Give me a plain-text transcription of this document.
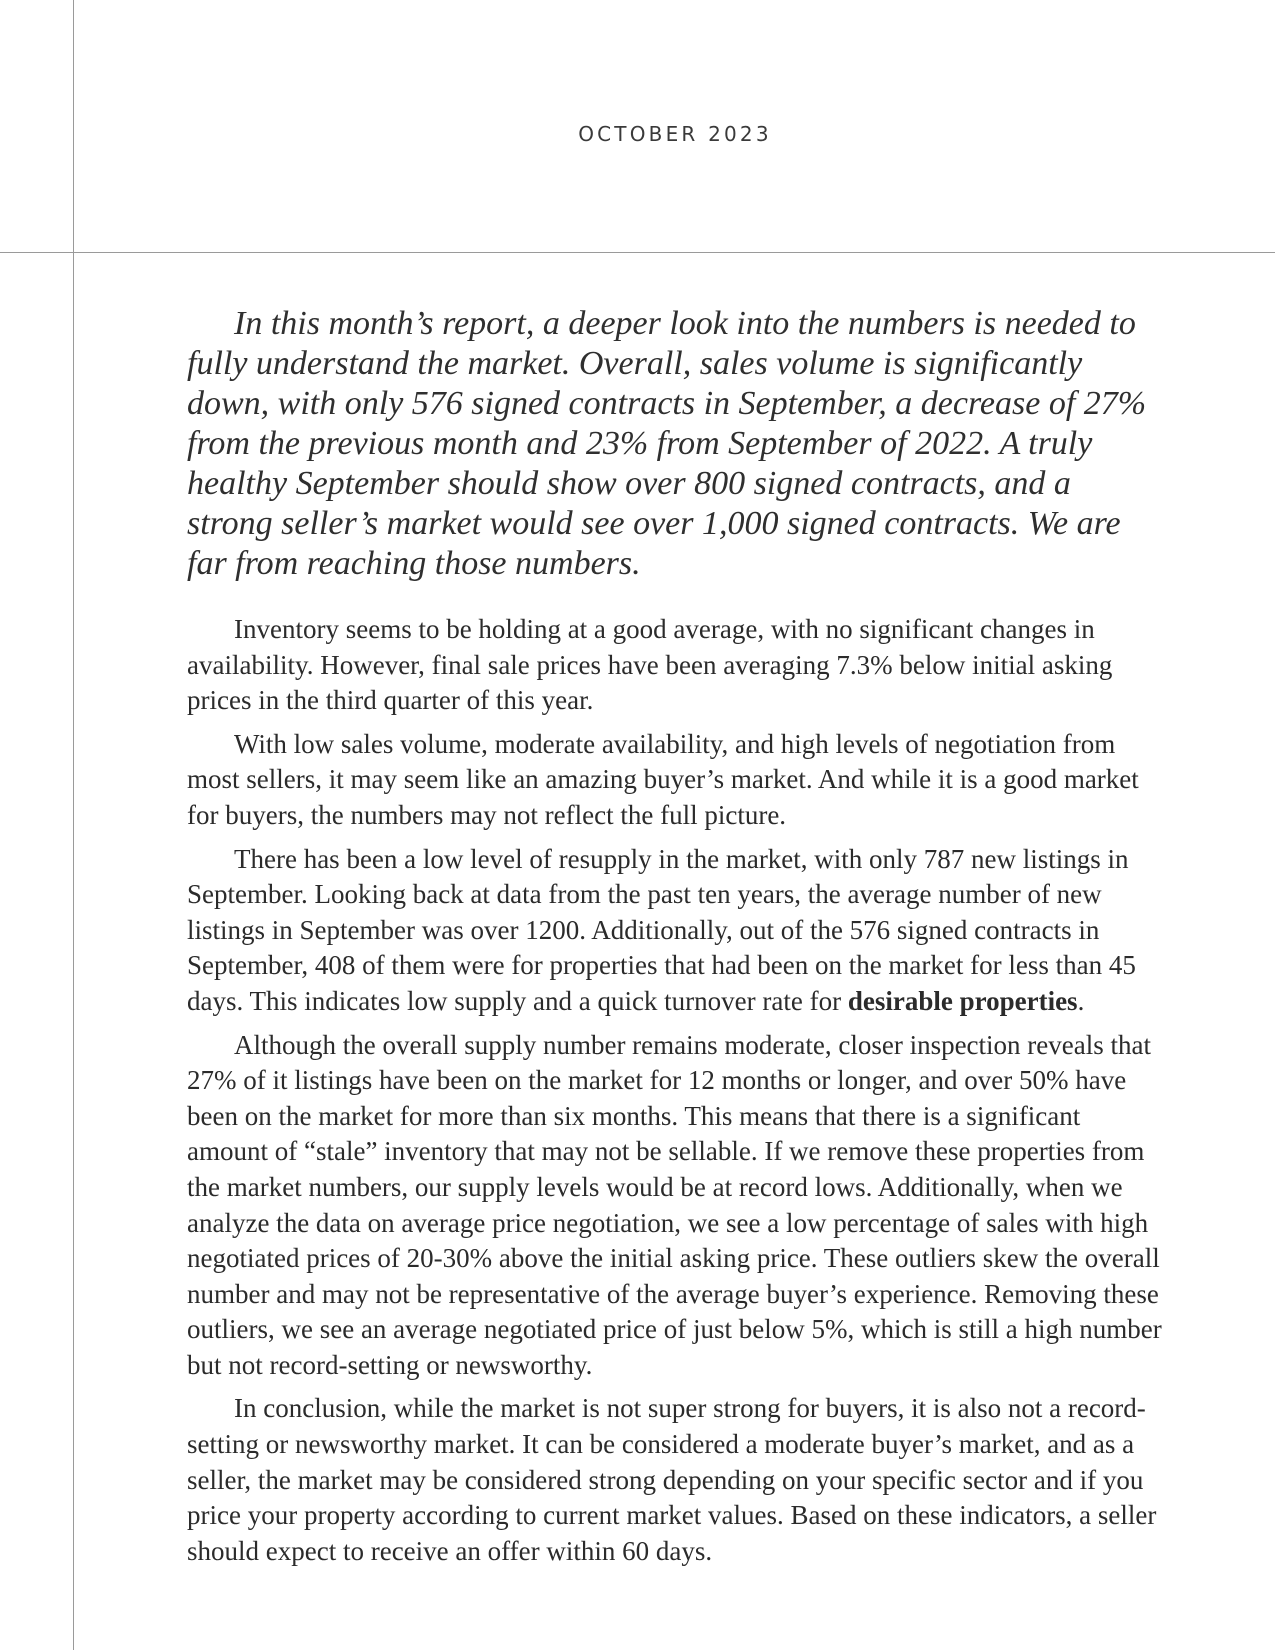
OCTOBER 2023

In this month’s report, a deeper look into the numbers is needed to fully understand the market. Overall, sales volume is significantly down, with only 576 signed contracts in September, a decrease of 27% from the previous month and 23% from September of 2022. A truly healthy September should show over 800 signed contracts, and a strong seller’s market would see over 1,000 signed contracts. We are far from reaching those numbers.

Inventory seems to be holding at a good average, with no significant changes in availability. However, final sale prices have been averaging 7.3% below initial asking prices in the third quarter of this year.

With low sales volume, moderate availability, and high levels of negotiation from most sellers, it may seem like an amazing buyer’s market. And while it is a good market for buyers, the numbers may not reflect the full picture.

There has been a low level of resupply in the market, with only 787 new listings in September. Looking back at data from the past ten years, the average number of new listings in September was over 1200. Additionally, out of the 576 signed contracts in September, 408 of them were for properties that had been on the market for less than 45 days. This indicates low supply and a quick turnover rate for desirable properties.

Although the overall supply number remains moderate, closer inspection reveals that 27% of it listings have been on the market for 12 months or longer, and over 50% have been on the market for more than six months. This means that there is a significant amount of “stale” inventory that may not be sellable. If we remove these properties from the market numbers, our supply levels would be at record lows. Additionally, when we analyze the data on average price negotiation, we see a low percentage of sales with high negotiated prices of 20-30% above the initial asking price. These outliers skew the overall number and may not be representative of the average buyer’s experience. Removing these outliers, we see an average negotiated price of just below 5%, which is still a high number but not record-setting or newsworthy.

In conclusion, while the market is not super strong for buyers, it is also not a record-setting or newsworthy market. It can be considered a moderate buyer’s market, and as a seller, the market may be considered strong depending on your specific sector and if you price your property according to current market values. Based on these indicators, a seller should expect to receive an offer within 60 days.
